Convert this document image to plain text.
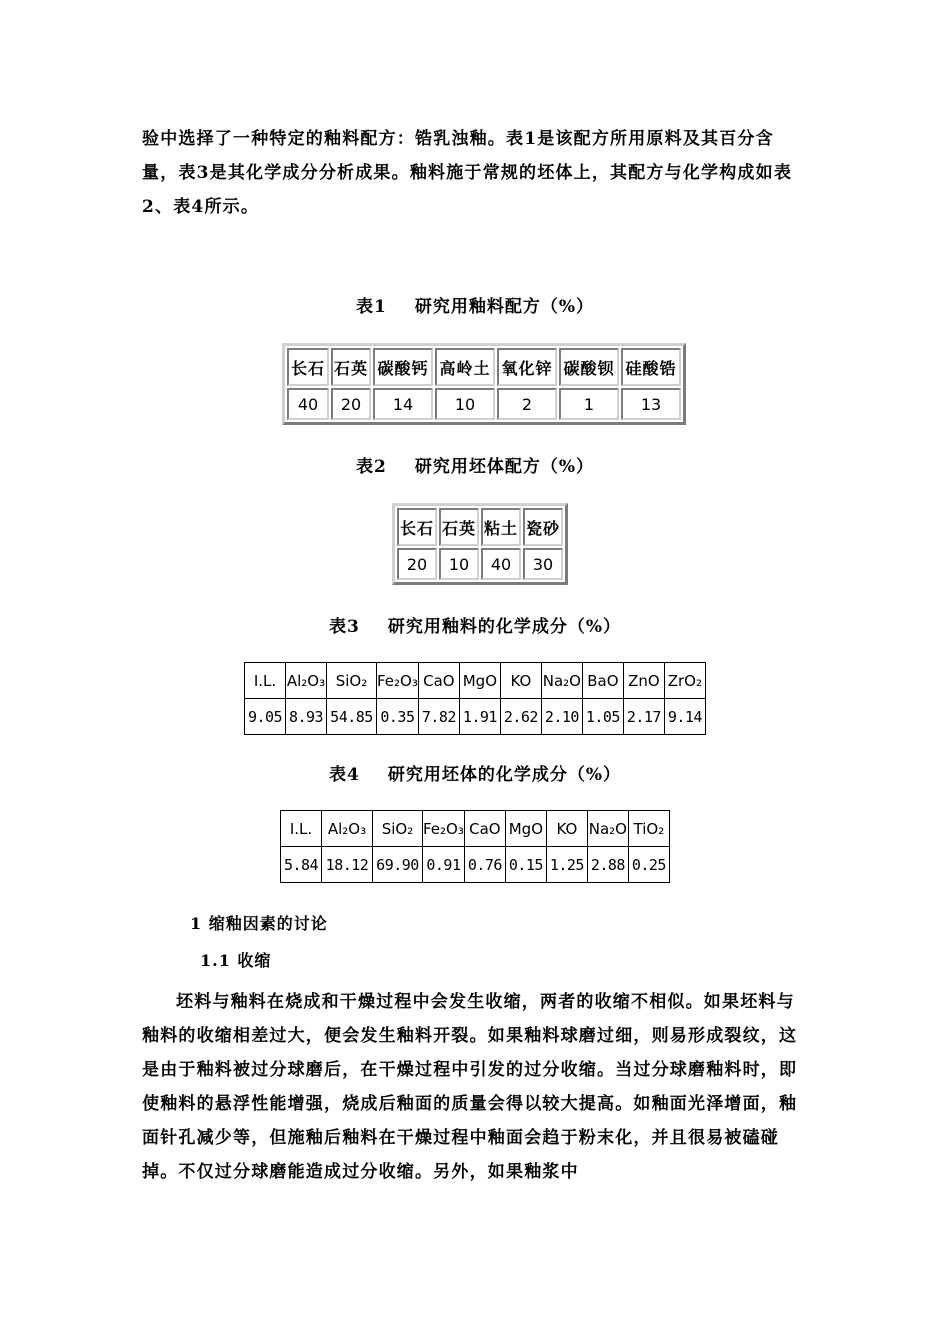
验中选择了一种特定的釉料配方：锆乳浊釉。表1是该配方所用原料及其百分含量，表3是其化学成分分析成果。釉料施于常规的坯体上，其配方与化学构成如表2、表4所示。
表1 研究用釉料配方（%）
长石	石英	碳酸钙	高岭土	氧化锌	碳酸钡	硅酸锆
40	20	14	10	2	1	13
表2 研究用坯体配方（%）
长石	石英	粘土	瓷砂
20	10	40	30
表3 研究用釉料的化学成分（%）
I.L.	Al₂O₃	SiO₂	Fe₂O₃	CaO	MgO	KO	Na₂O	BaO	ZnO	ZrO₂
9.05	8.93	54.85	0.35	7.82	1.91	2.62	2.10	1.05	2.17	9.14
表4 研究用坯体的化学成分（%）
I.L.	Al₂O₃	SiO₂	Fe₂O₃	CaO	MgO	KO	Na₂O	TiO₂
5.84	18.12	69.90	0.91	0.76	0.15	1.25	2.88	0.25
1 缩釉因素的讨论
1.1 收缩
坯料与釉料在烧成和干燥过程中会发生收缩，两者的收缩不相似。如果坯料与釉料的收缩相差过大，便会发生釉料开裂。如果釉料球磨过细，则易形成裂纹，这是由于釉料被过分球磨后，在干燥过程中引发的过分收缩。当过分球磨釉料时，即使釉料的悬浮性能增强，烧成后釉面的质量会得以较大提高。如釉面光泽增面，釉面针孔减少等，但施釉后釉料在干燥过程中釉面会趋于粉末化，并且很易被磕碰掉。不仅过分球磨能造成过分收缩。另外，如果釉浆中
